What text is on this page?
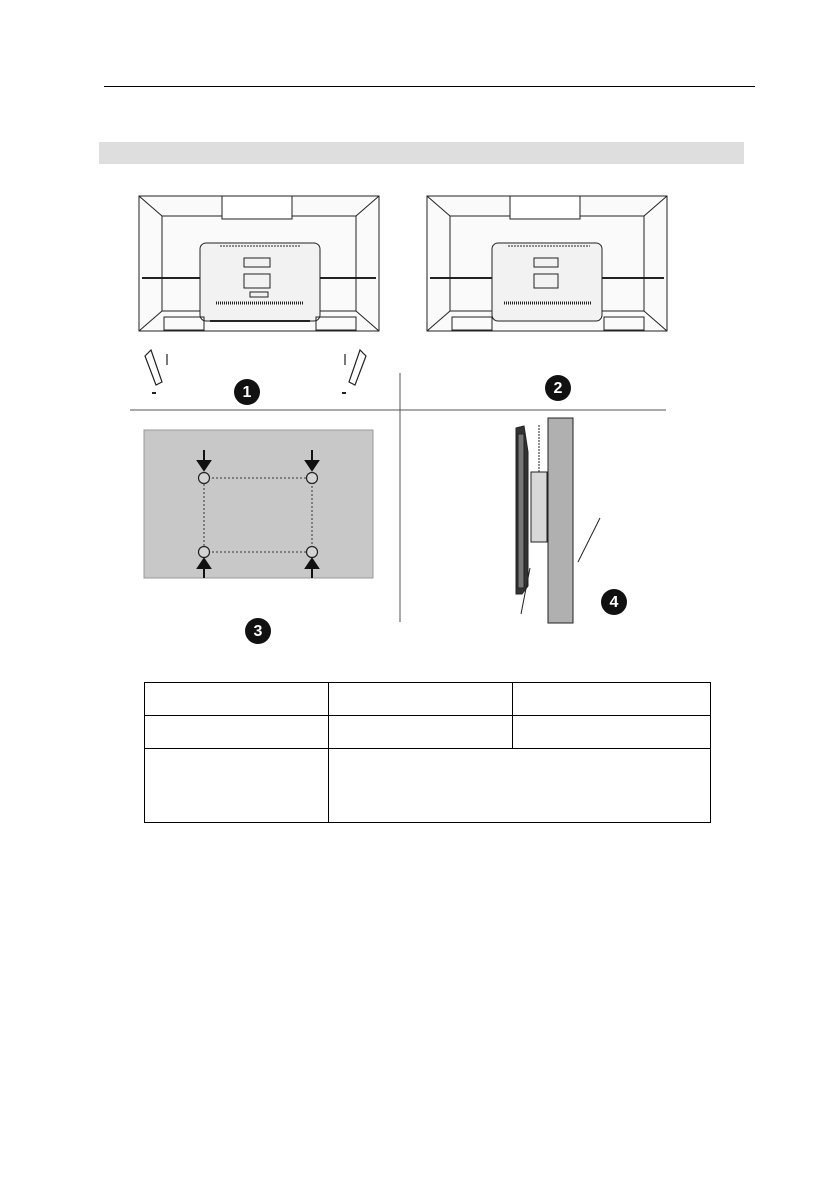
1	2
3
4
